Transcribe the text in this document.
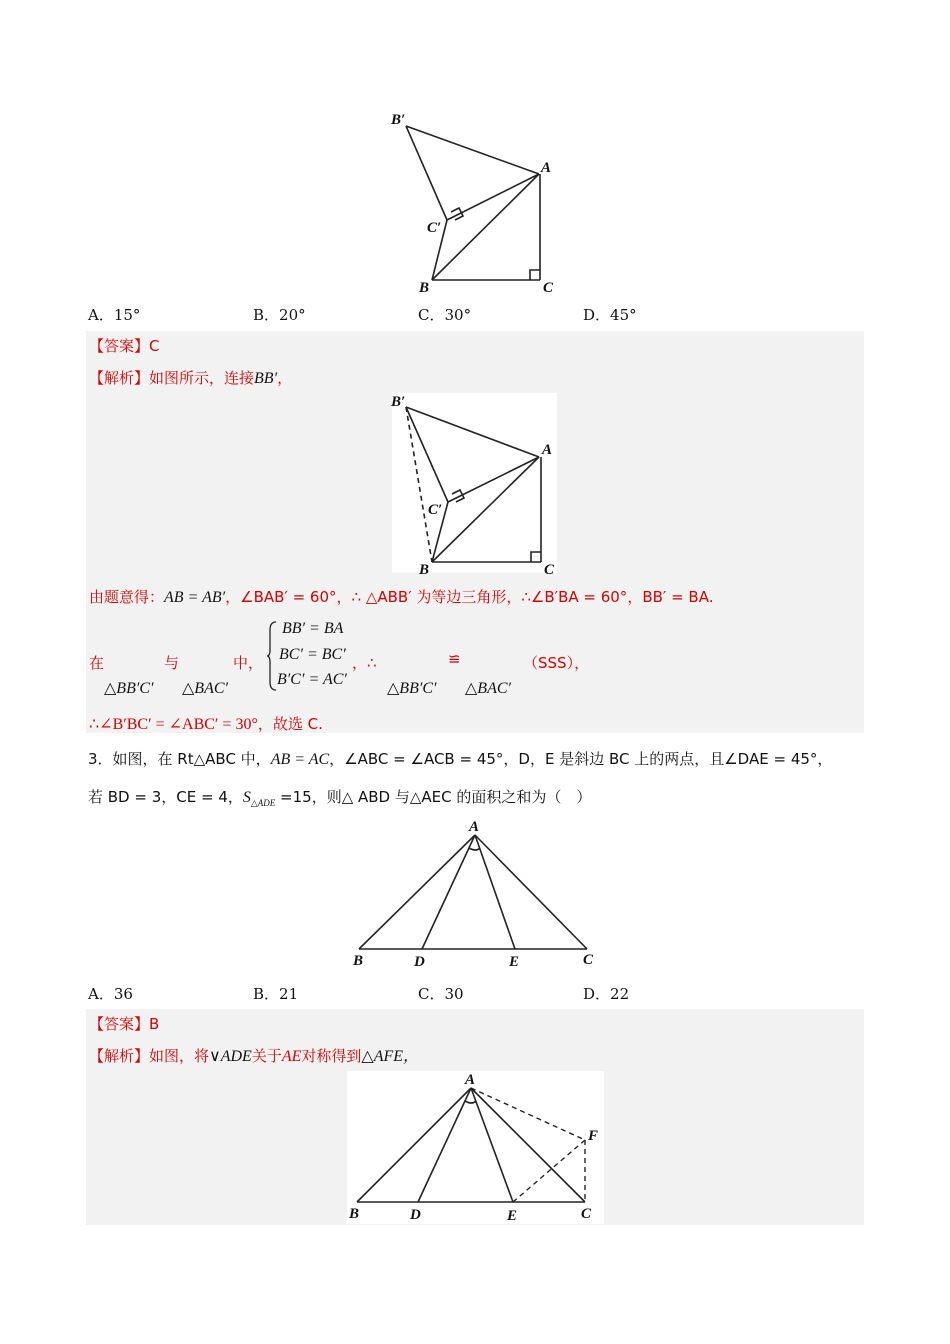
B′
A
C′
B	C
A．15°	B．20°	C．30°	D．45°
【答案】C
【解析】如图所示，连接BB′，
B′
A
C′
B	C
由题意得：AB = AB′，∠BAB′ = 60°，∴ △ABB′ 为等边三角形，∴∠B′BA = 60°，BB′ = BA.
在	与	中，
△BB′C′ △BAC′
BB′ = BA
BC′ = BC′
B′C′ = AC′
，∴	≌	（SSS），
△BB′C′ △BAC′
∴∠B′BC′ = ∠ABC′ = 30°，故选 C.
3．如图，在 Rt△ABC 中，AB = AC，∠ABC = ∠ACB = 45°，D，E 是斜边 BC 上的两点，且∠DAE = 45°，
若 BD = 3，CE = 4，$S_{\triangle ADE} =15$，则△ ABD 与△AEC 的面积之和为（　）
A
B	D	E	C
A．36	B．21	C．30	D．22
【答案】B
【解析】如图，将∨ADE关于AE对称得到△AFE，
A
F
B	D	E	C
